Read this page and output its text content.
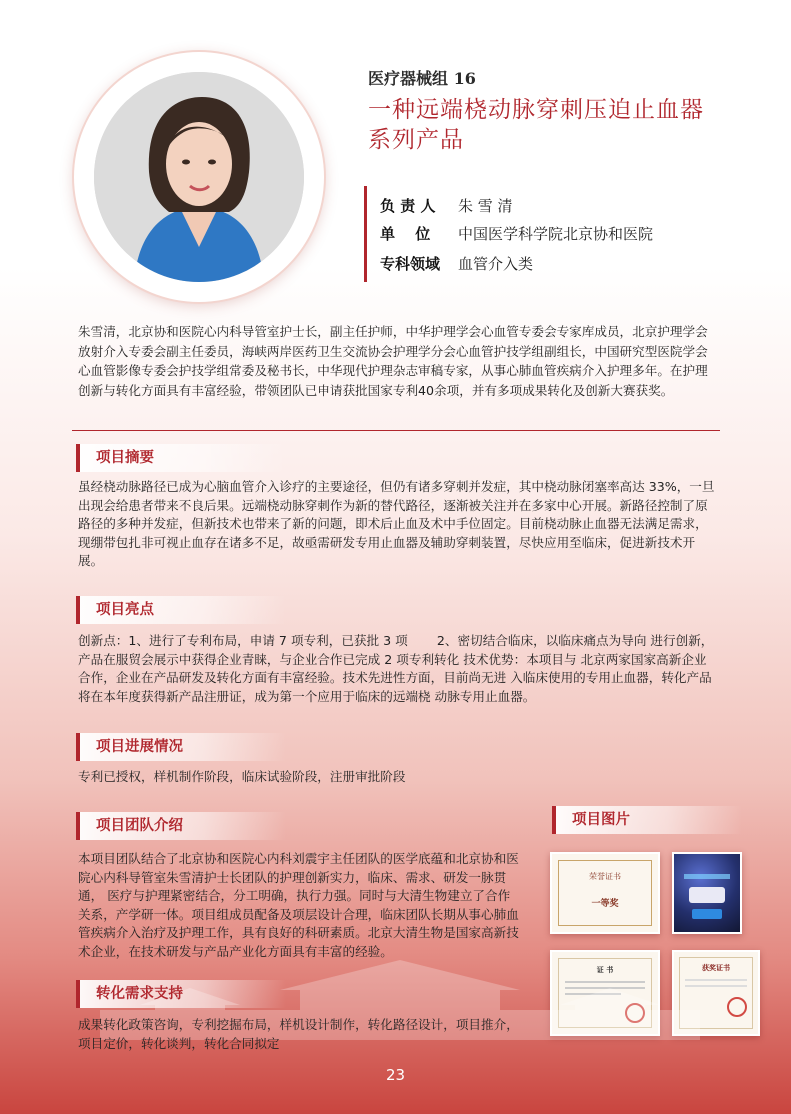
医疗器械组 16
一种远端桡动脉穿刺压迫止血器
系列产品
负 责 人 朱 雪 清
单　 位 中国医学科学院北京协和医院
专科领域 血管介入类
朱雪清，北京协和医院心内科导管室护士长，副主任护师，中华护理学会心血管专委会专家库成员，北京护理学会放射介入专委会副主任委员，海峡两岸医药卫生交流协会护理学分会心血管护技学组副组长，中国研究型医院学会心血管影像专委会护技学组常委及秘书长，中华现代护理杂志审稿专家，从事心肺血管疾病介入护理多年。在护理创新与转化方面具有丰富经验，带领团队已申请获批国家专利40余项，并有多项成果转化及创新大赛获奖。
项目摘要
虽经桡动脉路径已成为心脑血管介入诊疗的主要途径，但仍有诸多穿刺并发症，其中桡动脉闭塞率高达 33%，一旦出现会给患者带来不良后果。远端桡动脉穿刺作为新的替代路径，逐渐被关注并在多家中心开展。新路径控制了原路径的多种并发症，但新技术也带来了新的问题，即术后止血及术中手位固定。目前桡动脉止血器无法满足需求，现绷带包扎非可视止血存在诸多不足，故亟需研发专用止血器及辅助穿刺装置，尽快应用至临床，促进新技术开展。
项目亮点
创新点：1、进行了专利布局，申请 7 项专利，已获批 3 项　　 2、密切结合临床，以临床痛点为导向 进行创新，产品在服贸会展示中获得企业青睐，与企业合作已完成 2 项专利转化 技术优势：本项目与 北京两家国家高新企业合作，企业在产品研发及转化方面有丰富经验。技术先进性方面，目前尚无进 入临床使用的专用止血器，转化产品将在本年度获得新产品注册证，成为第一个应用于临床的远端桡 动脉专用止血器。
项目进展情况
专利已授权，样机制作阶段，临床试验阶段，注册审批阶段
项目团队介绍
本项目团队结合了北京协和医院心内科刘震宇主任团队的医学底蕴和北京协和医院心内科导管室朱雪清护士长团队的护理创新实力，临床、需求、研发一脉贯通， 医疗与护理紧密结合，分工明确，执行力强。同时与大清生物建立了合作关系，产学研一体。项目组成员配备及项层设计合理，临床团队长期从事心肺血管疾病介入治疗及护理工作，具有良好的科研素质。北京大清生物是国家高新技术企业，在技术研发与产品产业化方面具有丰富的经验。
项目图片
荣誉证书
一等奖
证 书	获奖证书
转化需求支持
成果转化政策咨询，专利挖掘布局，样机设计制作，转化路径设计，项目推介，项目定价，转化谈判，转化合同拟定
23
